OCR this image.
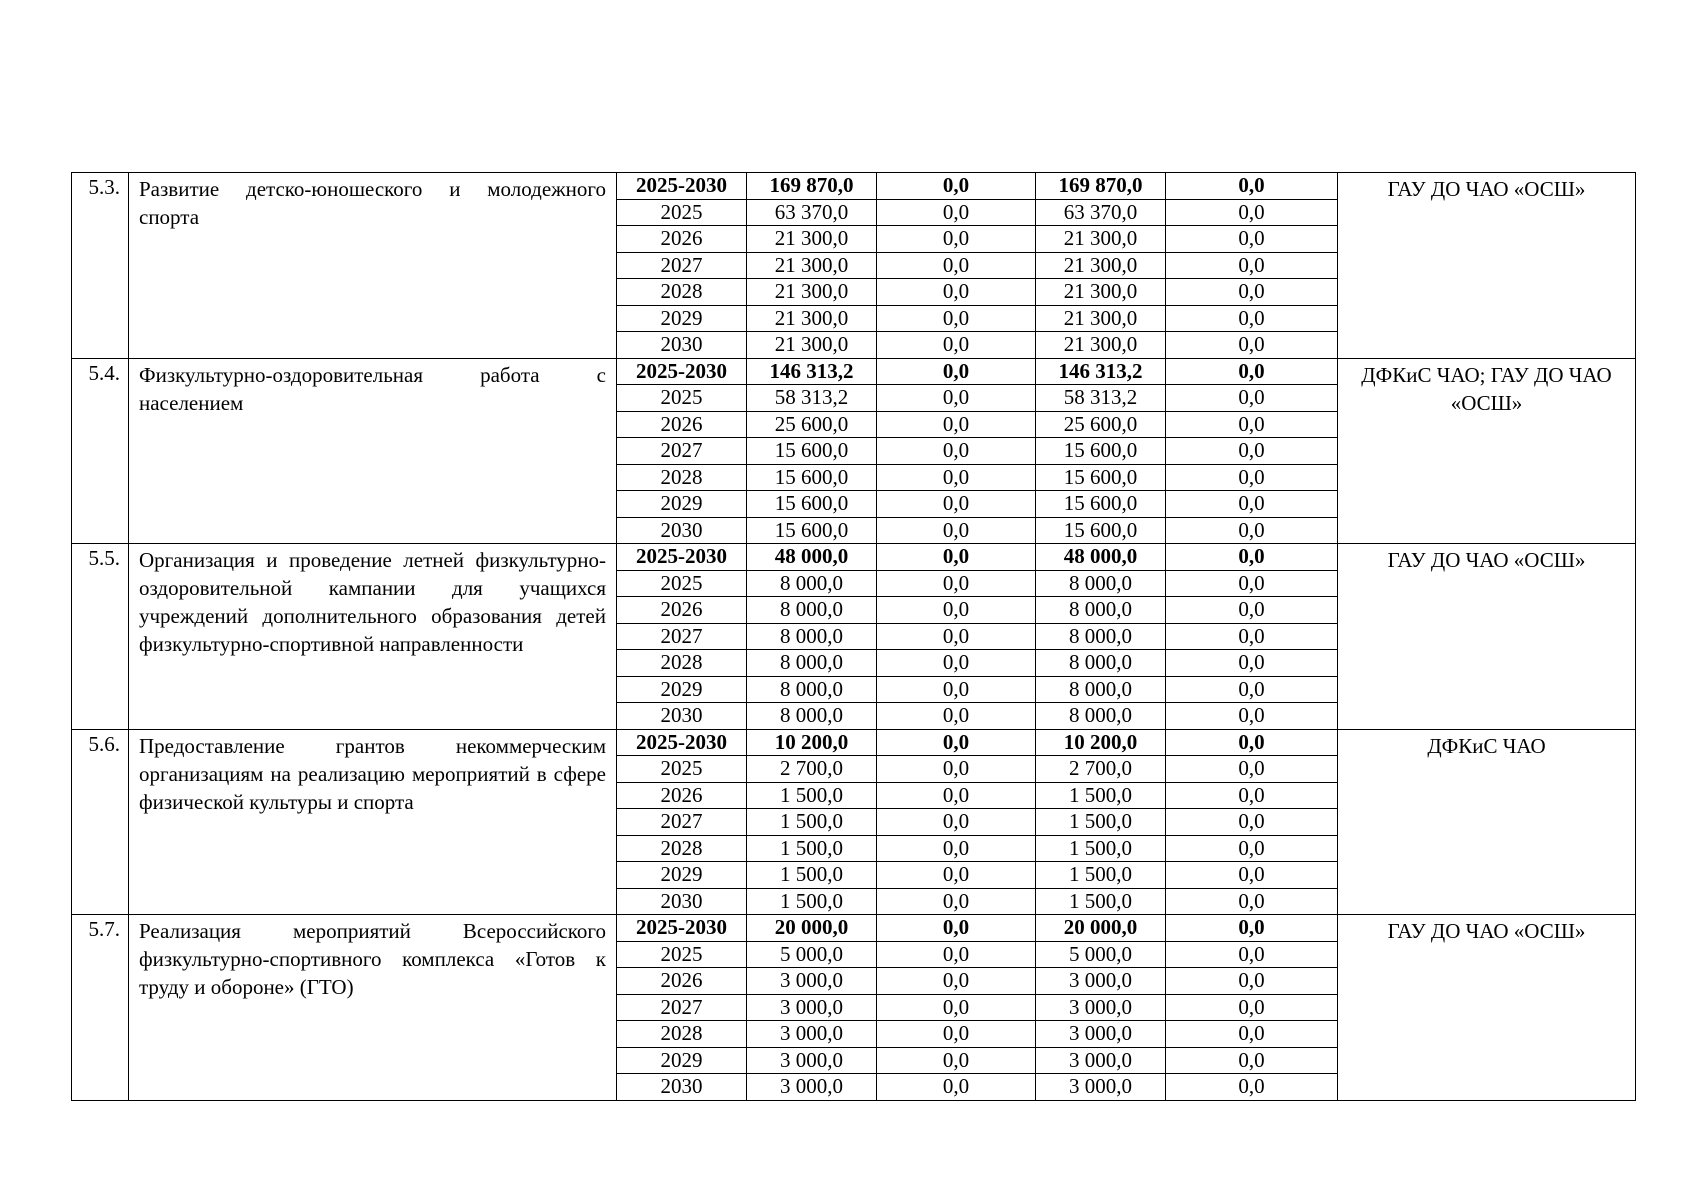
5.3.	Развитие детско-юношеского и молодежного спорта	2025-2030	169 870,0	0,0	169 870,0	0,0	ГАУ ДО ЧАО «ОСШ»
		2025	63 370,0	0,0	63 370,0	0,0	
		2026	21 300,0	0,0	21 300,0	0,0	
		2027	21 300,0	0,0	21 300,0	0,0	
		2028	21 300,0	0,0	21 300,0	0,0	
		2029	21 300,0	0,0	21 300,0	0,0	
		2030	21 300,0	0,0	21 300,0	0,0	
5.4.	Физкультурно-оздоровительная работа с населением	2025-2030	146 313,2	0,0	146 313,2	0,0	ДФКиС ЧАО; ГАУ ДО ЧАО «ОСШ»
		2025	58 313,2	0,0	58 313,2	0,0	
		2026	25 600,0	0,0	25 600,0	0,0	
		2027	15 600,0	0,0	15 600,0	0,0	
		2028	15 600,0	0,0	15 600,0	0,0	
		2029	15 600,0	0,0	15 600,0	0,0	
		2030	15 600,0	0,0	15 600,0	0,0	
5.5.	Организация и проведение летней физкультурно-оздоровительной кампании для учащихся учреждений дополнительного образования детей физкультурно-спортивной направленности	2025-2030	48 000,0	0,0	48 000,0	0,0	ГАУ ДО ЧАО «ОСШ»
		2025	8 000,0	0,0	8 000,0	0,0	
		2026	8 000,0	0,0	8 000,0	0,0	
		2027	8 000,0	0,0	8 000,0	0,0	
		2028	8 000,0	0,0	8 000,0	0,0	
		2029	8 000,0	0,0	8 000,0	0,0	
		2030	8 000,0	0,0	8 000,0	0,0	
5.6.	Предоставление грантов некоммерческим организациям на реализацию мероприятий в сфере физической культуры и спорта	2025-2030	10 200,0	0,0	10 200,0	0,0	ДФКиС ЧАО
		2025	2 700,0	0,0	2 700,0	0,0	
		2026	1 500,0	0,0	1 500,0	0,0	
		2027	1 500,0	0,0	1 500,0	0,0	
		2028	1 500,0	0,0	1 500,0	0,0	
		2029	1 500,0	0,0	1 500,0	0,0	
		2030	1 500,0	0,0	1 500,0	0,0	
5.7.	Реализация мероприятий Всероссийского физкультурно-спортивного комплекса «Готов к труду и обороне» (ГТО)	2025-2030	20 000,0	0,0	20 000,0	0,0	ГАУ ДО ЧАО «ОСШ»
		2025	5 000,0	0,0	5 000,0	0,0	
		2026	3 000,0	0,0	3 000,0	0,0	
		2027	3 000,0	0,0	3 000,0	0,0	
		2028	3 000,0	0,0	3 000,0	0,0	
		2029	3 000,0	0,0	3 000,0	0,0	
		2030	3 000,0	0,0	3 000,0	0,0	
